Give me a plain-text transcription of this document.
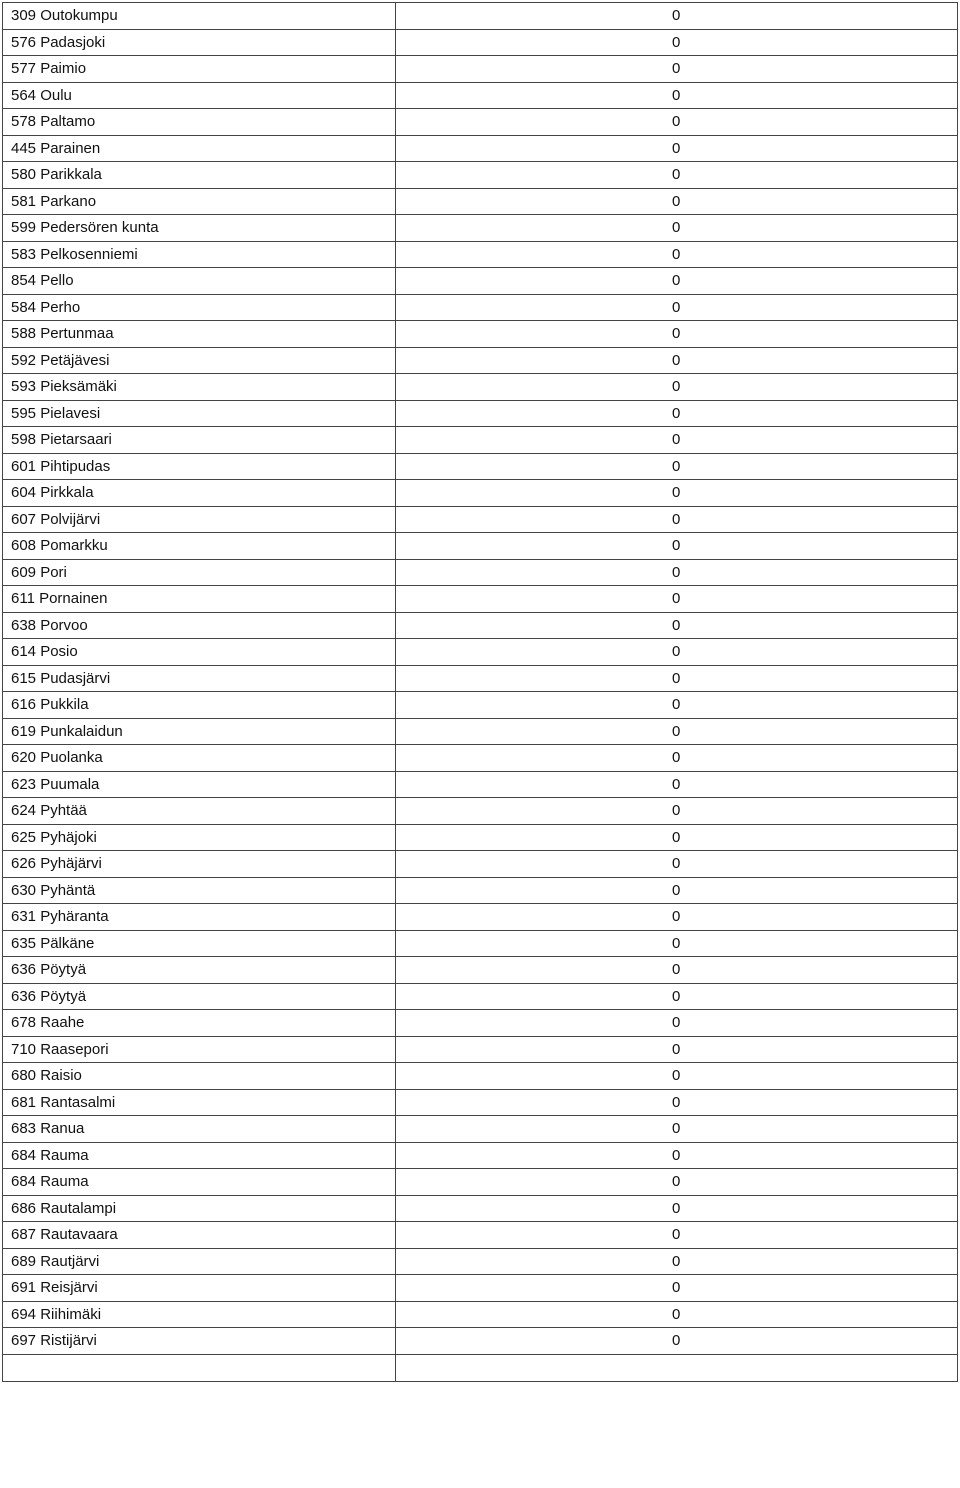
309 Outokumpu	0
576 Padasjoki	0
577 Paimio	0
564 Oulu	0
578 Paltamo	0
445 Parainen	0
580 Parikkala	0
581 Parkano	0
599 Pedersören kunta	0
583 Pelkosenniemi	0
854 Pello	0
584 Perho	0
588 Pertunmaa	0
592 Petäjävesi	0
593 Pieksämäki	0
595 Pielavesi	0
598 Pietarsaari	0
601 Pihtipudas	0
604 Pirkkala	0
607 Polvijärvi	0
608 Pomarkku	0
609 Pori	0
611 Pornainen	0
638 Porvoo	0
614 Posio	0
615 Pudasjärvi	0
616 Pukkila	0
619 Punkalaidun	0
620 Puolanka	0
623 Puumala	0
624 Pyhtää	0
625 Pyhäjoki	0
626 Pyhäjärvi	0
630 Pyhäntä	0
631 Pyhäranta	0
635 Pälkäne	0
636 Pöytyä	0
636 Pöytyä	0
678 Raahe	0
710 Raasepori	0
680 Raisio	0
681 Rantasalmi	0
683 Ranua	0
684 Rauma	0
684 Rauma	0
686 Rautalampi	0
687 Rautavaara	0
689 Rautjärvi	0
691 Reisjärvi	0
694 Riihimäki	0
697 Ristijärvi	0
